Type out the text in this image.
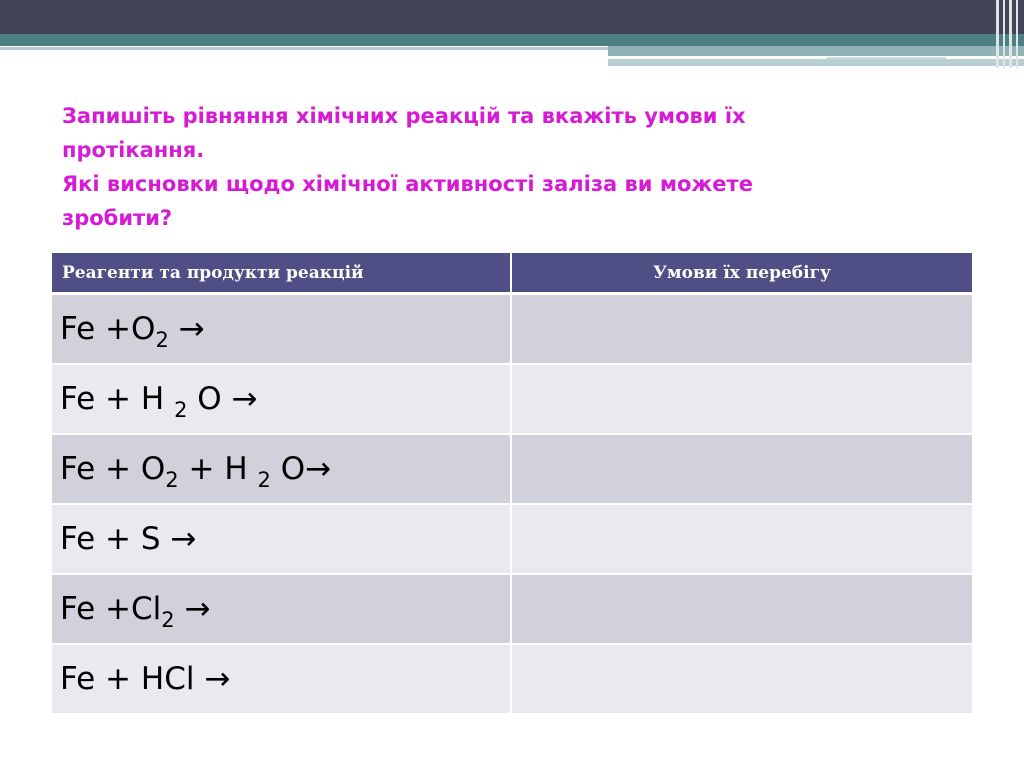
Запишіть рівняння хімічних реакцій та вкажіть умови їх
протікання.
Які висновки щодо хімічної активності заліза ви можете
зробити?
Реагенти та продукти реакцій	Умови їх перебігу
$Fe +O_2$ →	
Fe + H $_2$ O →	
$Fe + O_2 + H$ $_2$ O→	
Fe + S →	
$Fe +Cl_2$ →	
Fe + HCl →	
